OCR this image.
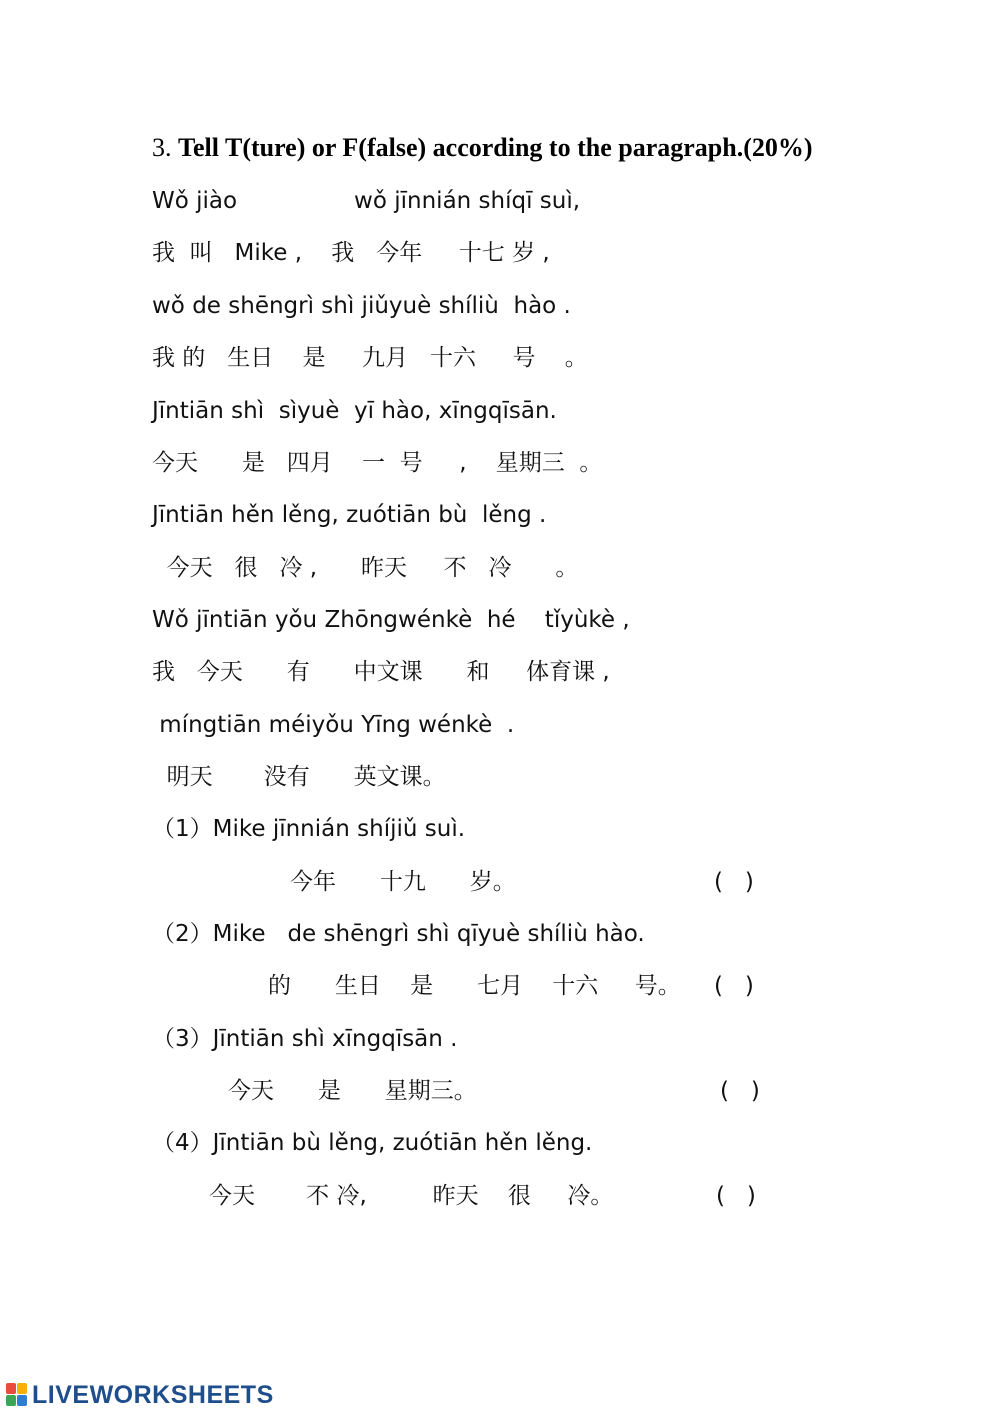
3. Tell T(ture) or F(false) according to the paragraph.(20%)
Wǒ jiào                wǒ jīnnián shíqī suì,
我  叫   Mike ,    我   今年     十七 岁 ,
wǒ de shēngrì shì jiǔyuè shíliù  hào .
我 的   生日    是     九月   十六     号    。
Jīntiān shì  sìyuè  yī hào, xīngqīsān.
今天      是   四月    一  号     ,    星期三  。
Jīntiān hěn lěng, zuótiān bù  lěng .
今天   很   冷 ,      昨天     不   冷      。
Wǒ jīntiān yǒu Zhōngwénkè  hé    tǐyùkè ,
我   今天      有      中文课      和     体育课 ,
míngtiān méiyǒu Yīng wénkè  .
明天       没有      英文课。
（1）Mike jīnnián shíjiǔ suì.
今年      十九      岁。	(   )
（2）Mike   de shēngrì shì qīyuè shíliù hào.
的      生日    是      七月    十六     号。 (   )
（3）Jīntiān shì xīngqīsān .
今天      是      星期三。	(   )
（4）Jīntiān bù lěng, zuótiān hěn lěng.
今天       不 冷,         昨天    很     冷。	(   )
LIVEWORKSHEETS
